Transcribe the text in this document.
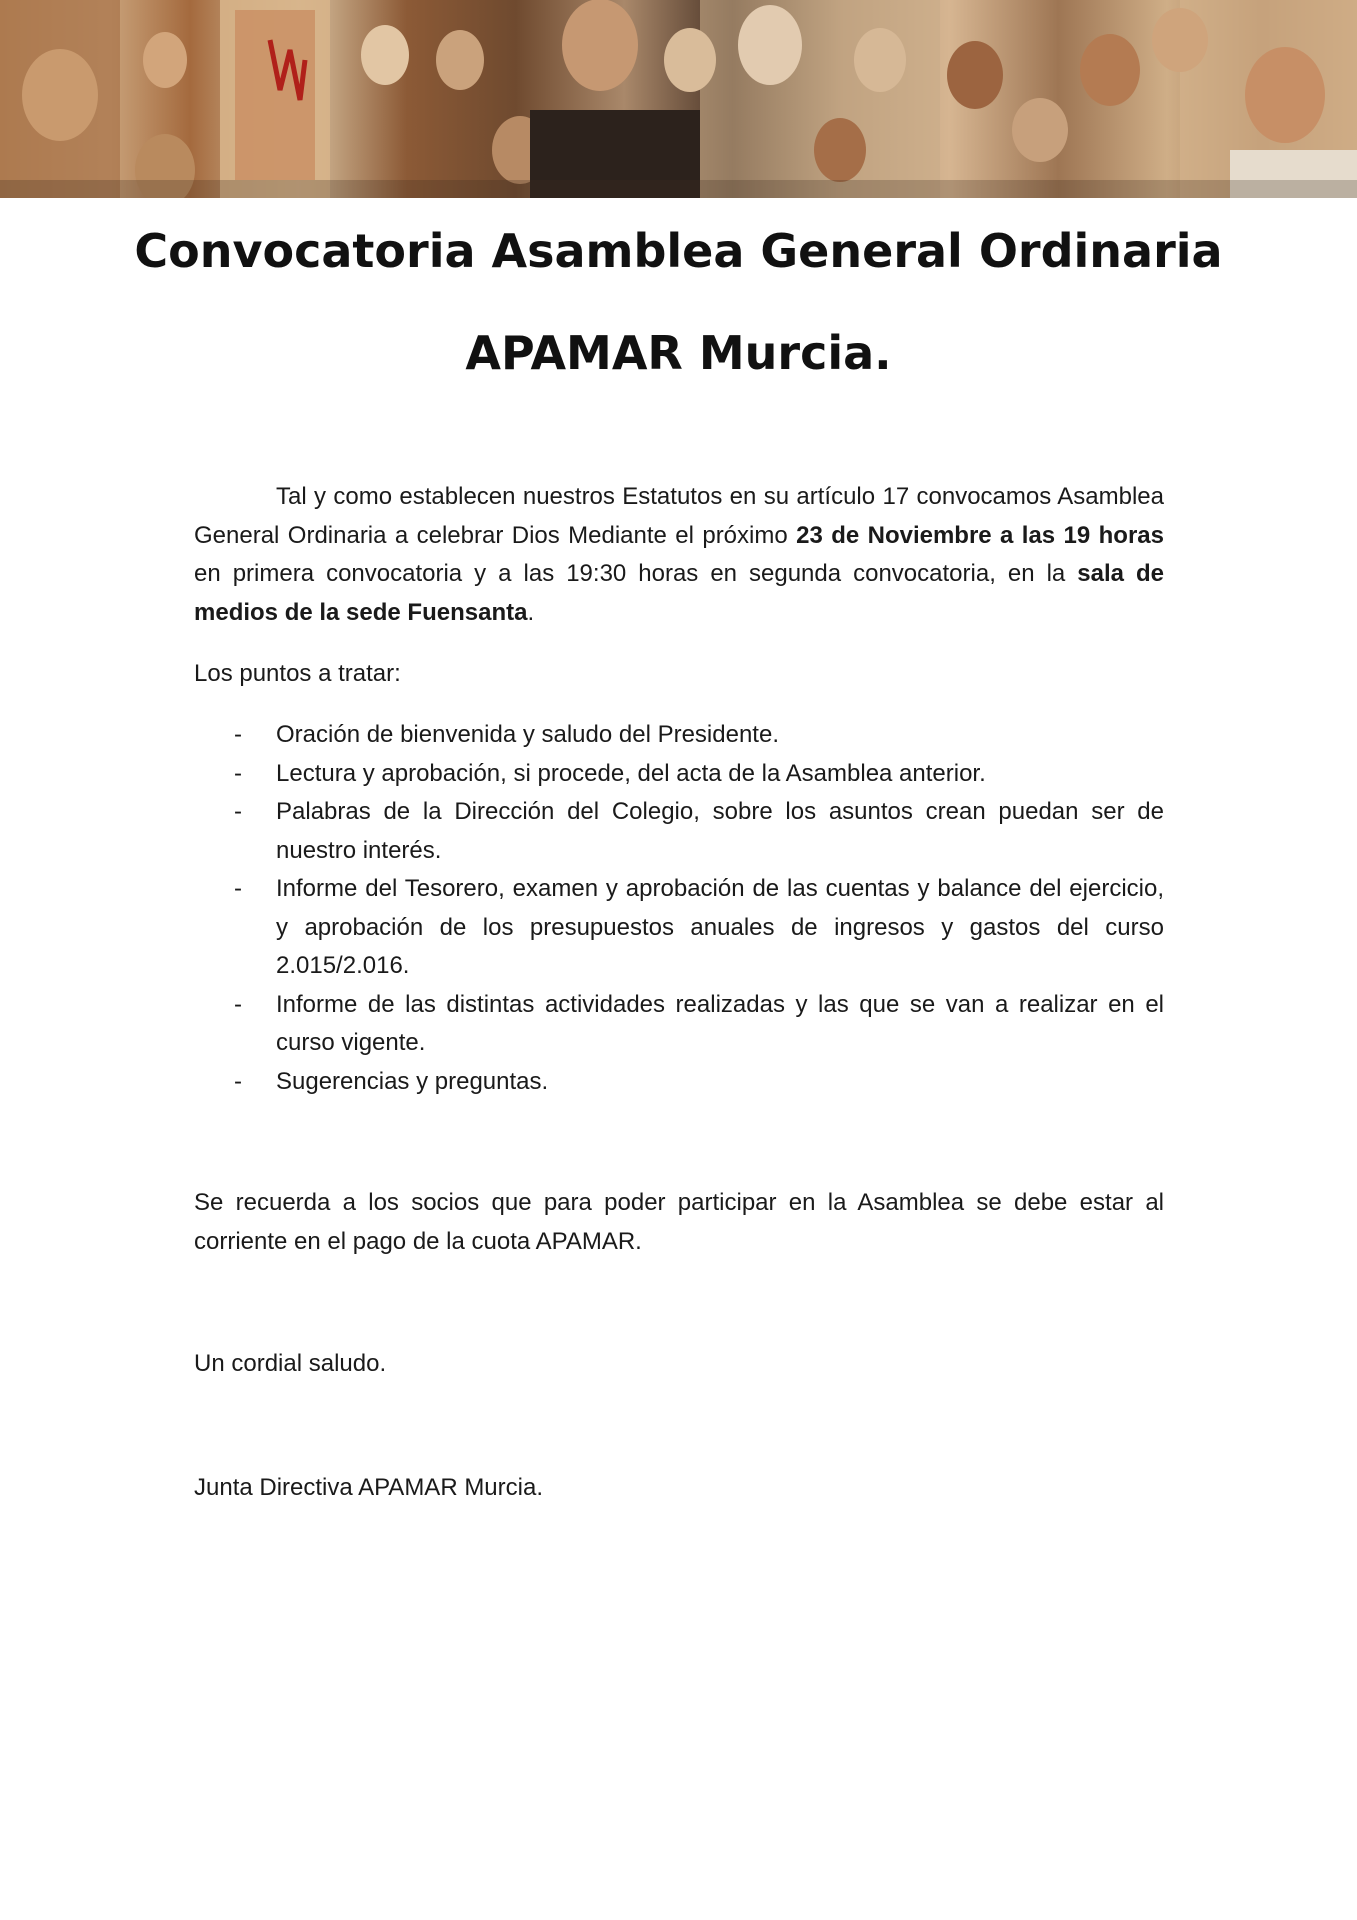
Convocatoria Asamblea General Ordinaria
APAMAR Murcia.

Tal y como establecen nuestros Estatutos en su artículo 17 convocamos Asamblea General Ordinaria a celebrar Dios Mediante el próximo 23 de Noviembre a las 19 horas en primera convocatoria y a las 19:30 horas en segunda convocatoria, en la sala de medios de la sede Fuensanta.

Los puntos a tratar:

- Oración de bienvenida y saludo del Presidente.
- Lectura y aprobación, si procede, del acta de la Asamblea anterior.
- Palabras de la Dirección del Colegio, sobre los asuntos crean puedan ser de nuestro interés.
- Informe del Tesorero, examen y aprobación de las cuentas y balance del ejercicio, y aprobación de los presupuestos anuales de ingresos y gastos del curso 2.015/2.016.
- Informe de las distintas actividades realizadas y las que se van a realizar en el curso vigente.
- Sugerencias y preguntas.

Se recuerda a los socios que para poder participar en la Asamblea se debe estar al corriente en el pago de la cuota APAMAR.

Un cordial saludo.

Junta Directiva APAMAR Murcia.
